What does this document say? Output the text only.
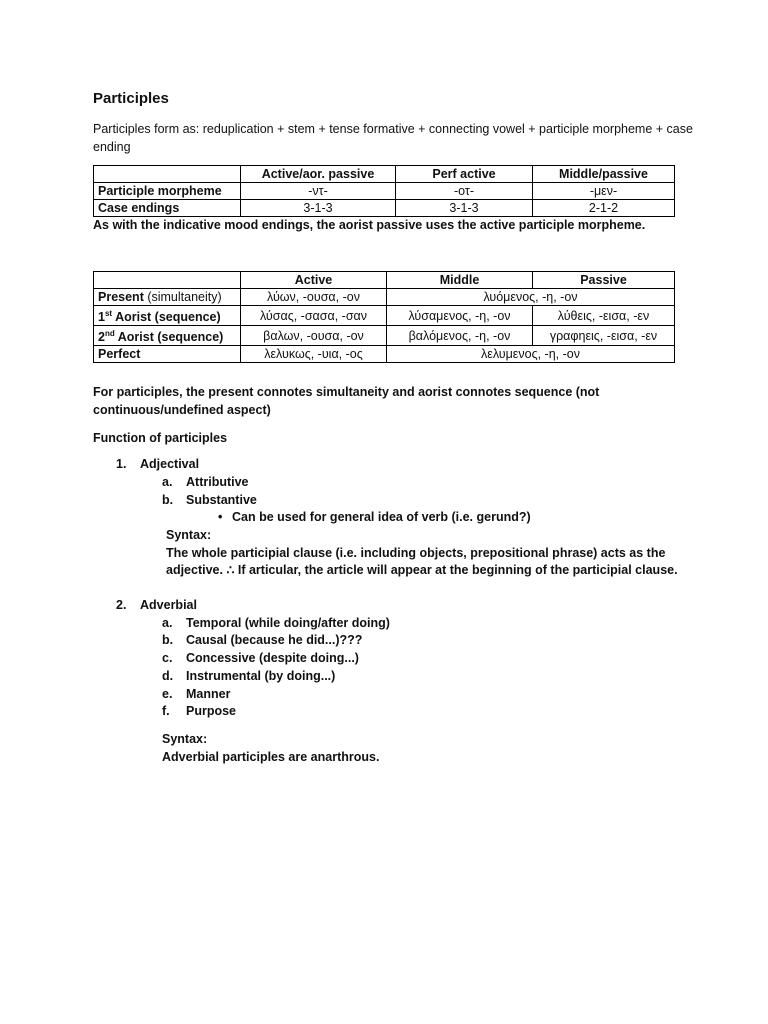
Participles
Participles form as: reduplication + stem + tense formative + connecting vowel + participle morpheme + case ending
	Active/aor. passive	Perf active	Middle/passive
Participle morpheme	-ντ-	-οτ-	-μεν-
Case endings	3-1-3	3-1-3	2-1-2
As with the indicative mood endings, the aorist passive uses the active participle morpheme.
	Active	Middle	Passive
Present (simultaneity)	λύων, -ουσα, -ον	λυόμενος, -η, -ον	
1st Aorist (sequence)	λύσας, -σασα, -σαν	λύσαμενος, -η, -ον	λύθεις, -εισα, -εν
2nd Aorist (sequence)	βαλων, -ουσα, -ον	βαλόμενος, -η, -ον	γραφηεις, -εισα, -εν
Perfect	λελυκως, -υια, -ος	λελυμενος, -η, -ον	
For participles, the present connotes simultaneity and aorist connotes sequence (not continuous/undefined aspect)
Function of participles
1. Adjectival
a. Attributive
b. Substantive
• Can be used for general idea of verb (i.e. gerund?)
Syntax:
The whole participial clause (i.e. including objects, prepositional phrase) acts as the
adjective. ∴ If articular, the article will appear at the beginning of the participial clause.
2. Adverbial
a. Temporal (while doing/after doing)
b. Causal (because he did...)???
c. Concessive (despite doing...)
d. Instrumental (by doing...)
e. Manner
f. Purpose
Syntax:
Adverbial participles are anarthrous.
